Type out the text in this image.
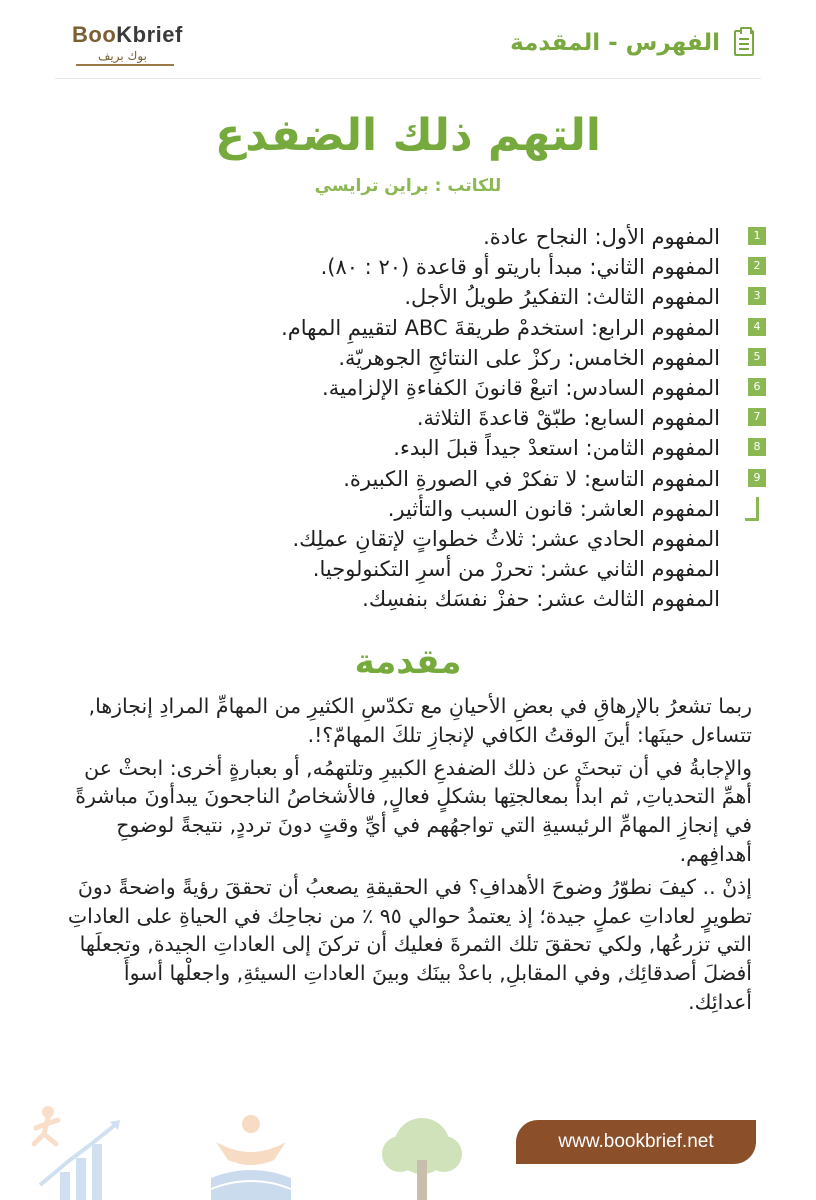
BooKbrief
بوك بريف	الفهرس - المقدمة
التهم ذلك الضفدع
للكاتب : براين ترايسي
1
المفهوم الأول: النجاح عادة.
2
المفهوم الثاني: مبدأ باريتو أو قاعدة (٢٠ : ٨٠).
3
المفهوم الثالث: التفكيرُ طويلُ الأجل.
4
المفهوم الرابع: استخدمْ طريقةَ ABC لتقييمِ المهام.
5
المفهوم الخامس: ركزْ على النتائجِ الجوهريّة.
6
المفهوم السادس: اتبعْ قانونَ الكفاءةِ الإلزامية.
7
المفهوم السابع: طبّقْ قاعدةَ الثلاثة.
8
المفهوم الثامن: استعدْ جيداً قبلَ البدء.
9
المفهوم التاسع: لا تفكرْ في الصورةِ الكبيرة.
المفهوم العاشر: قانون السبب والتأثير.
المفهوم الحادي عشر: ثلاثُ خطواتٍ لإتقانِ عملِك.
المفهوم الثاني عشر: تحررْ من أسرِ التكنولوجيا.
المفهوم الثالث عشر: حفزْ نفسَك بنفسِك.
مقدمة

ربما تشعرُ بالإرهاقِ في بعضِ الأحيانِ مع تكدّسِ الكثيرِ من المهامِّ المرادِ إنجازها, تتساءل حينَها: أينَ الوقتُ الكافي لإنجازِ تلكَ المهامّ؟!.

والإجابةُ في أن تبحثَ عن ذلك الضفدعِ الكبيرِ وتلتهمُه, أو بعبارةٍ أخرى: ابحثْ عن أهمِّ التحدياتِ, ثم ابدأْ بمعالجتِها بشكلٍ فعالٍ, فالأشخاصُ الناجحونَ يبدأونَ مباشرةً في إنجازِ المهامِّ الرئيسيةِ التي تواجهُهم في أيِّ وقتٍ دونَ ترددٍ, نتيجةً لوضوحِ أهدافِهم.

إذنْ .. كيفَ نطوّرُ وضوحَ الأهدافِ؟ في الحقيقةِ يصعبُ أن تحققَ رؤيةً واضحةً دونَ تطويرٍ لعاداتِ عملٍ جيدة؛ إذ يعتمدُ حوالي ٩٥ ٪ من نجاحِك في الحياةِ على العاداتِ التي تزرعُها, ولكي تحققَ تلك الثمرةَ فعليك أن تركنَ إلى العاداتِ الجيدة, وتجعلَها أفضلَ أصدقائِك, وفي المقابلِ, باعدْ بينَك وبينَ العاداتِ السيئةِ, واجعلْها أسوأَ أعدائِك.

www.bookbrief.net
